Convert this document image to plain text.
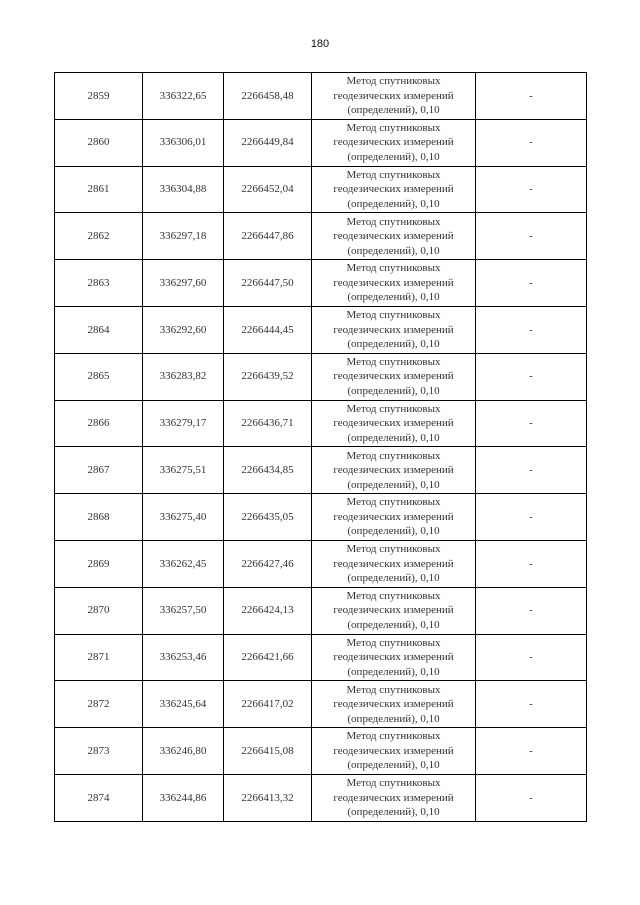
180
2859	336322,65	2266458,48	Метод спутниковых
геодезических измерений
(определений), 0,10	-
2860	336306,01	2266449,84	Метод спутниковых
геодезических измерений
(определений), 0,10	-
2861	336304,88	2266452,04	Метод спутниковых
геодезических измерений
(определений), 0,10	-
2862	336297,18	2266447,86	Метод спутниковых
геодезических измерений
(определений), 0,10	-
2863	336297,60	2266447,50	Метод спутниковых
геодезических измерений
(определений), 0,10	-
2864	336292,60	2266444,45	Метод спутниковых
геодезических измерений
(определений), 0,10	-
2865	336283,82	2266439,52	Метод спутниковых
геодезических измерений
(определений), 0,10	-
2866	336279,17	2266436,71	Метод спутниковых
геодезических измерений
(определений), 0,10	-
2867	336275,51	2266434,85	Метод спутниковых
геодезических измерений
(определений), 0,10	-
2868	336275,40	2266435,05	Метод спутниковых
геодезических измерений
(определений), 0,10	-
2869	336262,45	2266427,46	Метод спутниковых
геодезических измерений
(определений), 0,10	-
2870	336257,50	2266424,13	Метод спутниковых
геодезических измерений
(определений), 0,10	-
2871	336253,46	2266421,66	Метод спутниковых
геодезических измерений
(определений), 0,10	-
2872	336245,64	2266417,02	Метод спутниковых
геодезических измерений
(определений), 0,10	-
2873	336246,80	2266415,08	Метод спутниковых
геодезических измерений
(определений), 0,10	-
2874	336244,86	2266413,32	Метод спутниковых
геодезических измерений
(определений), 0,10	-
